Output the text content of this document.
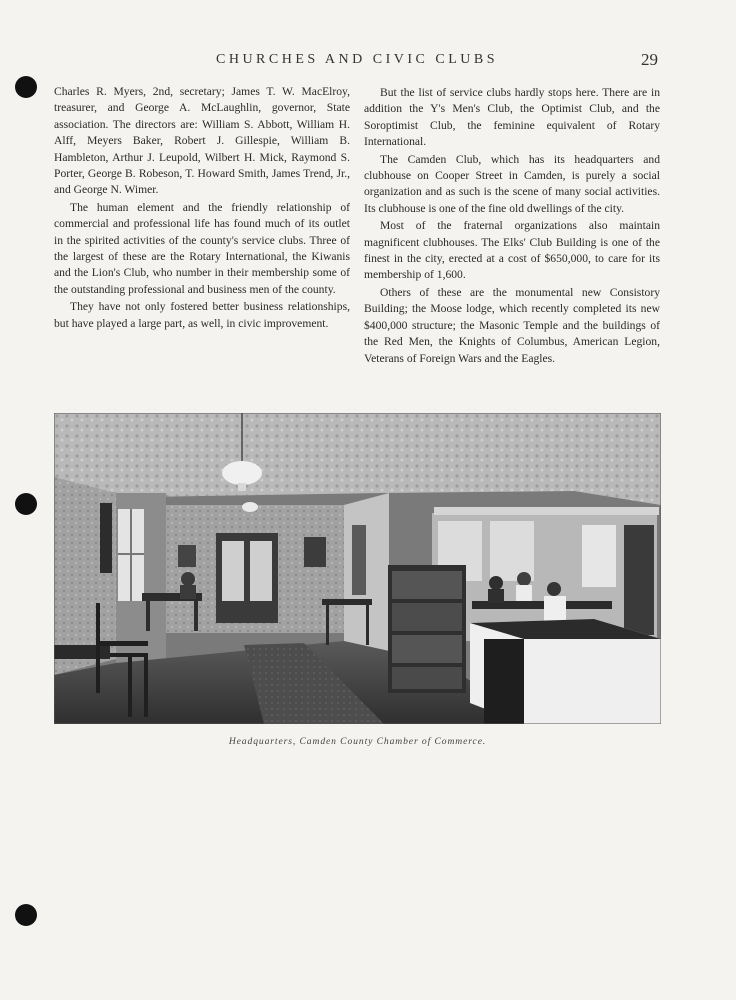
CHURCHES AND CIVIC CLUBS	29

Charles R. Myers, 2nd, secretary; James T. W. MacElroy, treasurer, and George A. McLaughlin, governor, State association. The directors are: William S. Abbott, William H. Alff, Meyers Baker, Robert J. Gillespie, William B. Hambleton, Arthur J. Leupold, Wilbert H. Mick, Raymond S. Porter, George B. Robeson, T. Howard Smith, James Trend, Jr., and George N. Wimer.

The human element and the friendly relationship of commercial and professional life has found much of its outlet in the spirited activities of the county's service clubs. Three of the largest of these are the Rotary International, the Kiwanis and the Lion's Club, who number in their membership some of the outstanding professional and business men of the county.

They have not only fostered better business relationships, but have played a large part, as well, in civic improvement.

But the list of service clubs hardly stops here. There are in addition the Y's Men's Club, the Optimist Club, and the Soroptimist Club, the feminine equivalent of Rotary International.

The Camden Club, which has its headquarters and clubhouse on Cooper Street in Camden, is purely a social organization and as such is the scene of many social activities. Its clubhouse is one of the fine old dwellings of the city.

Most of the fraternal organizations also maintain magnificent clubhouses. The Elks' Club Building is one of the finest in the city, erected at a cost of $650,000, to care for its membership of 1,600.

Others of these are the monumental new Consistory Building; the Moose lodge, which recently completed its new $400,000 structure; the Masonic Temple and the buildings of the Red Men, the Knights of Columbus, American Legion, Veterans of Foreign Wars and the Eagles.

Headquarters, Camden County Chamber of Commerce.
